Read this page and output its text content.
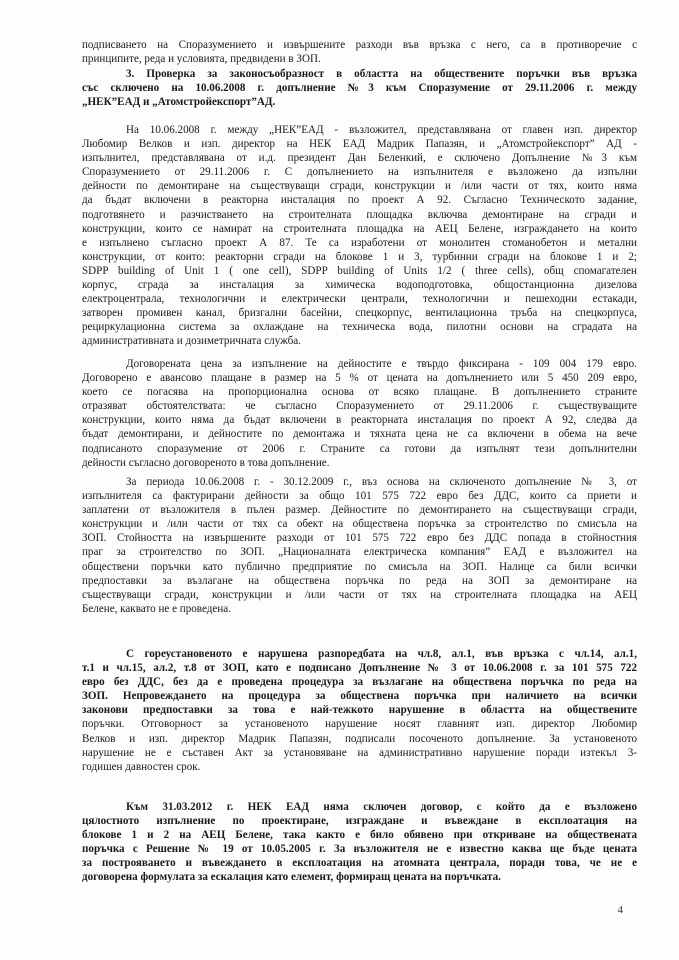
подписването на Споразумението и извършените разходи във връзка с него, са в противоречие с
принципите, реда и условията, предвидени в ЗОП.
3. Проверка за законосъобразност в областта на обществените поръчки във връзка
със сключено на 10.06.2008 г. допълнение №3 към Споразумение от 29.11.2006 г. между
„НЕК”ЕАД и „Атомстройекспорт”АД.
На 10.06.2008 г. между „НЕК”ЕАД - възложител, представлявана от главен изп. директор
Любомир Велков и изп. директор на НЕК ЕАД Мадрик Папазян, и „Атомстройекспорт” АД -
изпълнител, представлявана от и.д. президент Дан Беленкий, е сключено Допълнение №3 към
Споразумението от 29.11.2006 г. С допълнението на изпълнителя е възложено да изпълни
дейности по демонтиране на съществуващи сгради, конструкции и /или части от тях, които няма
да бъдат включени в реакторна инсталация по проект А 92. Съгласно Техническото задание,
подготвянето и разчистването на строителната площадка включва демонтиране на сгради и
конструкции, които се намират на строителната площадка на АЕЦ Белене, изграждането на които
е изпълнено съгласно проект А 87. Те са изработени от монолитен стоманобетон и метални
конструкции, от които: реакторни сгради на блокове 1 и 3, турбинни сгради на блокове 1 и 2;
SDPP building of Unit 1 ( one cell), SDPP building of Units 1/2 ( three cells), общ спомагателен
корпус, сграда за инсталация за химическа водоподготовка, общостанционна дизелова
електроцентрала, технологични и електрически централи, технологични и пешеходни естакади,
затворен промивен канал, бризгални басейни, спецкорпус, вентилационна тръба на спецкорпуса,
рециркулационна система за охлаждане на техническа вода, пилотни основи на сградата на
административната и дозиметричната служба.
Договорената цена за изпълнение на дейностите е твърдо фиксирана - 109 004 179 евро.
Договорено е авансово плащане в размер на 5 % от цената на допълнението или 5 450 209 евро,
което се погасява на пропорционална основа от всяко плащане. В допълнението страните
отразяват обстоятелствата: че съгласно Споразумението от 29.11.2006 г. съществуващите
конструкции, които няма да бъдат включени в реакторната инсталация по проект А 92, следва да
бъдат демонтирани, и дейностите по демонтажа и тяхната цена не са включени в обема на вече
подписаното споразумение от 2006 г. Страните са готови да изпълнят тези допълнителни
дейности съгласно договореното в това допълнение.
За периода 10.06.2008 г. - 30.12.2009 г., въз основа на сключеното допълнение № 3, от
изпълнителя са фактурирани дейности за общо 101 575 722 евро без ДДС, които са приети и
заплатени от възложителя в пълен размер. Дейностите по демонтирането на съществуващи сгради,
конструкции и /или части от тях са обект на обществена поръчка за строителство по смисъла на
ЗОП. Стойността на извършените разходи от 101 575 722 евро без ДДС попада в стойностния
праг за строителство по ЗОП. „Националната електрическа компания” ЕАД е възложител на
обществени поръчки като публично предприятие по смисъла на ЗОП. Налице са били всички
предпоставки за възлагане на обществена поръчка по реда на ЗОП за демонтиране на
съществуващи сгради, конструкции и /или части от тях на строителната площадка на АЕЦ
Белене, каквато не е проведена.
С гореустановеното е нарушена разпоредбата на чл.8, ал.1, във връзка с чл.14, ал.1,
т.1 и чл.15, ал.2, т.8 от ЗОП, като е подписано Допълнение № 3 от 10.06.2008 г. за 101 575 722
евро без ДДС, без да е проведена процедура за възлагане на обществена поръчка по реда на
ЗОП. Непровеждането на процедура за обществена поръчка при наличието на всички
законови предпоставки за това е най-тежкото нарушение в областта на обществените
поръчки. Отговорност за установеното нарушение носят главният изп. директор Любомир
Велков и изп. директор Мадрик Папазян, подписали посоченото допълнение. За установеното
нарушение не е съставен Акт за установяване на административно нарушение поради изтекъл 3-
годишен давностен срок.
Към 31.03.2012 г. НЕК ЕАД няма сключен договор, с който да е възложено
цялостното изпълнение по проектиране, изграждане и въвеждане в експлоатация на
блокове 1 и 2 на АЕЦ Белене, така както е било обявено при откриване на обществената
поръчка с Решение № 19 от 10.05.2005 г. За възложителя не е известно каква ще бъде цената
за построяването и въвеждането в експлоатация на атомната централа, поради това, че не е
договорена формулата за ескалация като елемент, формиращ цената на поръчката.
4
